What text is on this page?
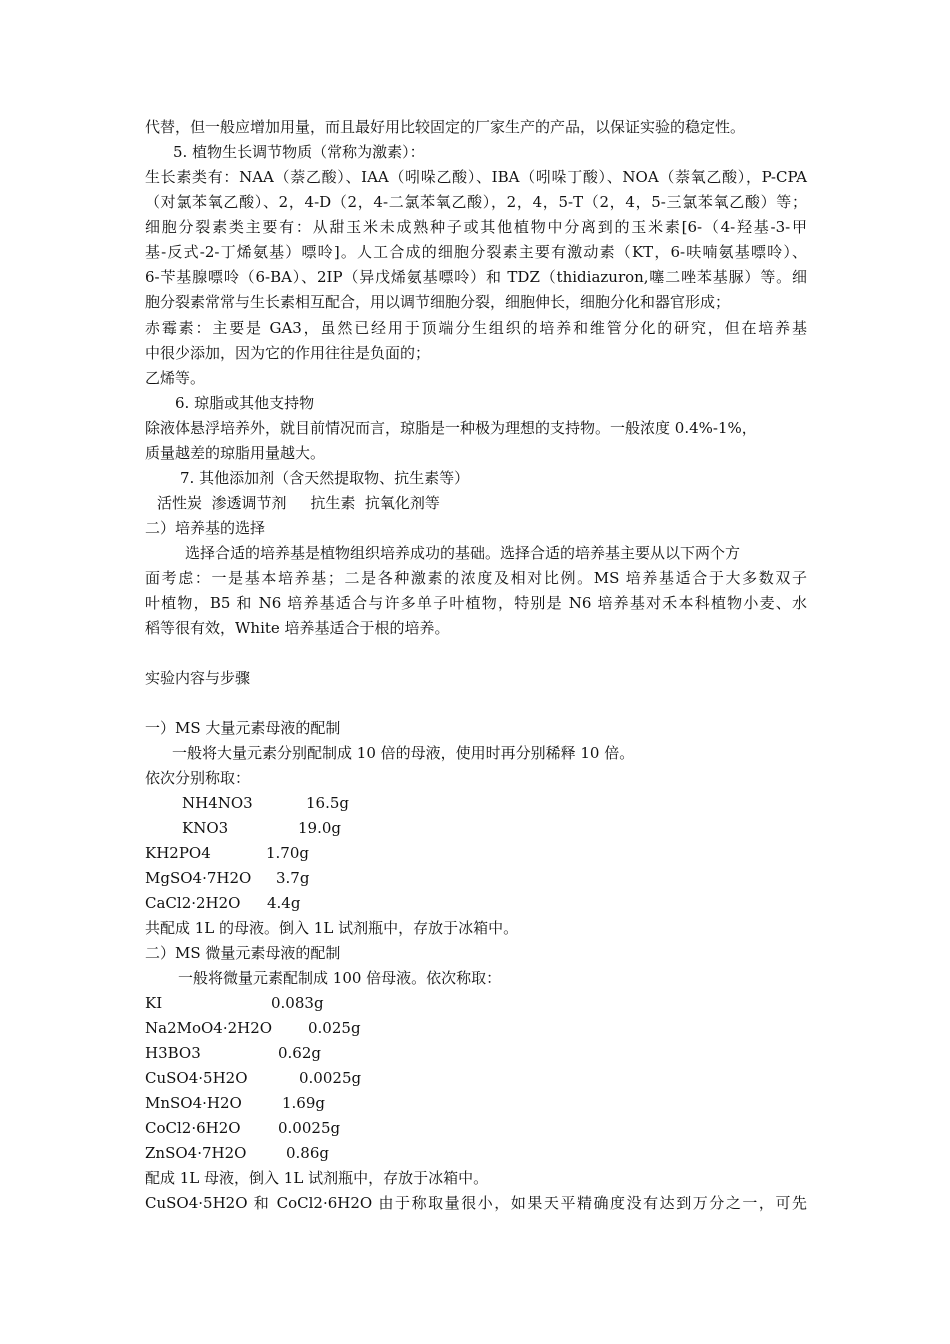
代替，但一般应增加用量，而且最好用比较固定的厂家生产的产品，以保证实验的稳定性。
5. 植物生长调节物质（常称为激素）：
生长素类有：NAA（萘乙酸）、IAA（吲哚乙酸）、IBA（吲哚丁酸）、NOA（萘氧乙酸），P-CPA
（对氯苯氧乙酸）、2，4-D（2，4-二氯苯氧乙酸），2，4，5-T（2，4，5-三氯苯氧乙酸）等；
细胞分裂素类主要有：从甜玉米未成熟种子或其他植物中分离到的玉米素[6-（4-羟基-3-甲
基-反式-2-丁烯氨基）嘌呤]。人工合成的细胞分裂素主要有激动素（KT，6-呋喃氨基嘌呤）、
6-苄基腺嘌呤（6-BA）、2IP（异戊烯氨基嘌呤）和 TDZ（thidiazuron,噻二唑苯基脲）等。细
胞分裂素常常与生长素相互配合，用以调节细胞分裂，细胞伸长，细胞分化和器官形成；
赤霉素：主要是 GA3，虽然已经用于顶端分生组织的培养和维管分化的研究，但在培养基
中很少添加，因为它的作用往往是负面的；
乙烯等。
6. 琼脂或其他支持物
除液体悬浮培养外，就目前情况而言，琼脂是一种极为理想的支持物。一般浓度 0.4%-1%，
质量越差的琼脂用量越大。
7. 其他添加剂（含天然提取物、抗生素等）
活性炭  渗透调节剂     抗生素  抗氧化剂等
二）培养基的选择
选择合适的培养基是植物组织培养成功的基础。选择合适的培养基主要从以下两个方
面考虑：一是基本培养基；二是各种激素的浓度及相对比例。MS 培养基适合于大多数双子
叶植物，B5 和 N6 培养基适合与许多单子叶植物，特别是 N6 培养基对禾本科植物小麦、水
稻等很有效，White 培养基适合于根的培养。
实验内容与步骤
一）MS 大量元素母液的配制
一般将大量元素分别配制成 10 倍的母液，使用时再分别稀释 10 倍。
依次分别称取：
NH4NO3	16.5g
KNO3	19.0g
KH2PO4	1.70g
MgSO4·7H2O 3.7g
CaCl2·2H2O 4.4g
共配成 1L 的母液。倒入 1L 试剂瓶中，存放于冰箱中。
二）MS 微量元素母液的配制
一般将微量元素配制成 100 倍母液。依次称取：
KI	0.083g
Na2MoO4·2H2O 0.025g
H3BO3	0.62g
CuSO4·5H2O	0.0025g
MnSO4·H2O	1.69g
CoCl2·6H2O 0.0025g
ZnSO4·7H2O	0.86g
配成 1L 母液，倒入 1L 试剂瓶中，存放于冰箱中。
CuSO4·5H2O 和 CoCl2·6H2O 由于称取量很小，如果天平精确度没有达到万分之一，可先
